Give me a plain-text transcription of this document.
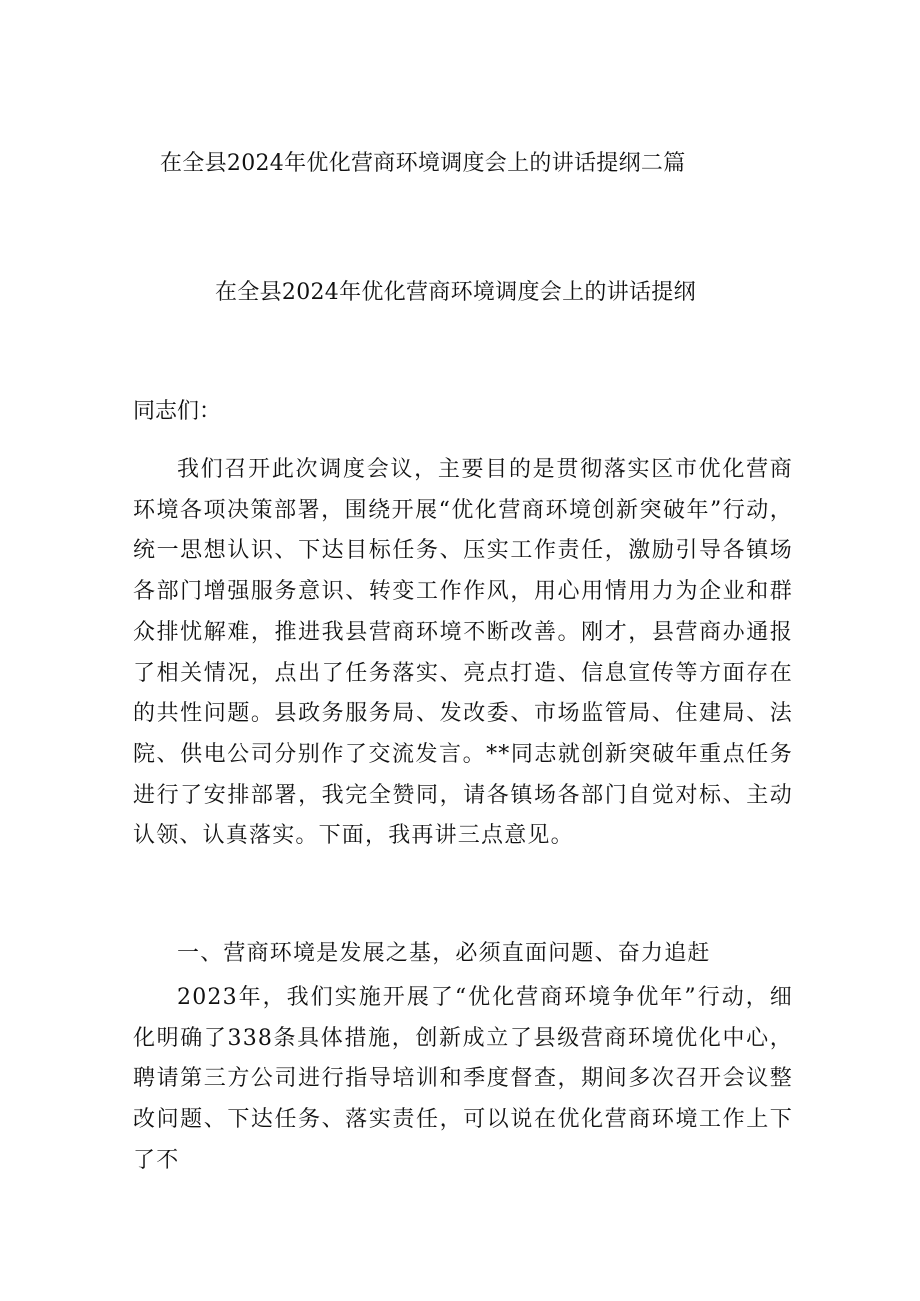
在全县2024年优化营商环境调度会上的讲话提纲二篇
在全县2024年优化营商环境调度会上的讲话提纲

同志们：

我们召开此次调度会议，主要目的是贯彻落实区市优化营商环境各项决策部署，围绕开展“优化营商环境创新突破年”行动，统一思想认识、下达目标任务、压实工作责任，激励引导各镇场各部门增强服务意识、转变工作作风，用心用情用力为企业和群众排忧解难，推进我县营商环境不断改善。刚才，县营商办通报了相关情况，点出了任务落实、亮点打造、信息宣传等方面存在的共性问题。县政务服务局、发改委、市场监管局、住建局、法院、供电公司分别作了交流发言。**同志就创新突破年重点任务进行了安排部署，我完全赞同，请各镇场各部门自觉对标、主动认领、认真落实。下面，我再讲三点意见。

一、营商环境是发展之基，必须直面问题、奋力追赶

2023年，我们实施开展了“优化营商环境争优年”行动，细化明确了338条具体措施，创新成立了县级营商环境优化中心，聘请第三方公司进行指导培训和季度督查，期间多次召开会议整改问题、下达任务、落实责任，可以说在优化营商环境工作上下了不
